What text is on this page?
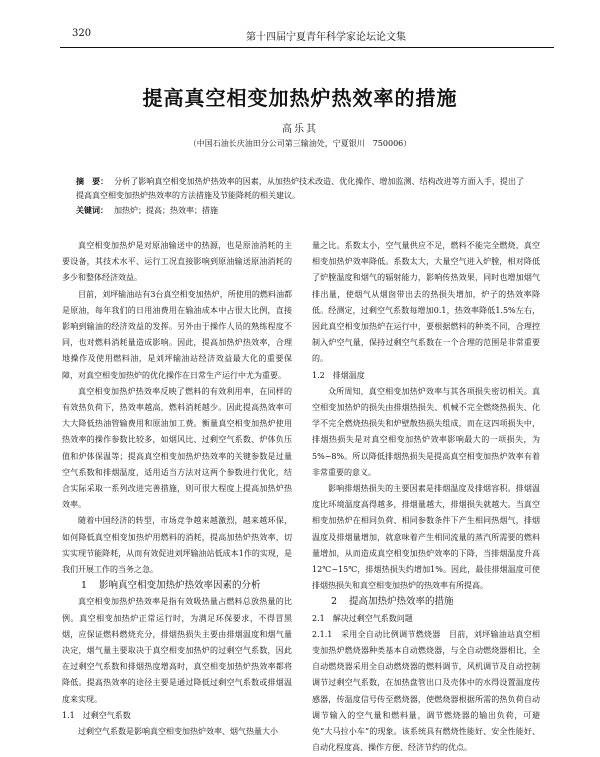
320	第十四届宁夏青年科学家论坛论文集
提高真空相变加热炉热效率的措施
高乐其
（中国石油长庆油田分公司第三输油处，宁夏银川　750006）
摘　要： 分析了影响真空相变加热炉热效率的因素，从加热炉技术改造、优化操作、增加监测、结构改进等方面入手，提出了提高真空相变加热炉热效率的方法措施及节能降耗的相关建议。
关键词： 加热炉；提高；热效率；措施

真空相变加热炉是对原油输送中的热源，也是原油消耗的主要设备，其技术水平、运行工况直接影响到原油输送原油消耗的多少和整体经济效益。

目前，刘坪输油站有3台真空相变加热炉，所使用的燃料油都是原油，每年我们的日用油费用在输油成本中占很大比例，直接影响到输油的经济效益的发挥。另外由于操作人员的熟练程度不同，也对燃料消耗量造成影响。因此，提高加热炉热效率，合理地操作及使用燃料油，是刘坪输油站经济效益最大化的重要保障，对真空相变加热炉的优化操作在日常生产运行中尤为重要。

真空相变加热炉热效率反映了燃料的有效利用率，在同样的有效热负荷下，热效率越高，燃料消耗越少。因此提高热效率可大大降低热油管输费用和原油加工费。衡量真空相变加热炉使用热效率的操作参数比较多，如烟风比、过剩空气系数、炉体负压值和炉体保温等；提高真空相变加热炉热效率的关键参数是过量空气系数和排烟温度，适用适当方法对这两个参数进行优化，结合实际采取一系列改进完善措施，则可很大程度上提高加热炉热效率。

随着中国经济的转型，市场竞争越来越激烈，越来越环保，如何降低真空相变加热炉用燃料的消耗，提高加热炉热效率，切实实现节能降耗，从而有效促进刘坪输油站低成本1作的实现，是我们开展工作的当务之急。

1 影响真空相变加热炉热效率因素的分析

真空相变加热炉热效率是指有效吸热量占燃料总放热量的比例。真空相变加热炉正常运行时，为满足环保要求，不得冒黑烟，应保证燃料燃烧充分，排烟热损失主要由排烟温度和烟气量决定，烟气量主要取决于真空相变加热炉的过剩空气系数，因此在过剩空气系数和排烟热度增高时，真空相变加热炉热效率都将降低。提高热效率的途径主要是通过降低过剩空气系数或排烟温度来实现。

1.1　过剩空气系数

过剩空气系数是影响真空相变加热炉效率、烟气热量大小

量之比。系数太小，空气量供应不足，燃料不能完全燃烧，真空相变加热炉效率降低。系数太大，大量空气进入炉膛，相对降低了炉膛温度和烟气的辐射能力，影响传热效果，同时也增加烟气排出量，使烟气从烟囱带出去的热损失增加，炉子的热效率降低。经测定，过剩空气系数每增加0.1，热效率降低1.5%左右，因此真空相变加热炉在运行中，要根据燃料的种类不同，合理控制入炉空气量，保持过剩空气系数在一个合理的范围是非常重要的。

1.2　排烟温度

众所周知，真空相变加热炉效率与其各项损失密切相关。真空相变加热炉的损失由排烟热损失、机械不完全燃烧热损失、化学不完全燃烧热损失和炉壁散热损失组成，而在这四项损失中，排烟热损失是对真空相变加热炉效率影响最大的一项损失，为5%~8%。所以降低排烟热损失是提高真空相变加热炉效率有着非常重要的意义。

影响排烟热损失的主要因素是排烟温度及排烟容积。排烟温度比环境温度高得越多，排烟量越大，排烟损失就越大。当真空相变加热炉在相同负荷、相同参数条件下产生相同热烟气，排烟温度及排烟量增加，就意味着产生相同流量的蒸汽所需要的燃料量增加，从而造成真空相变加热炉效率的下降，当排烟温度升高12℃~15℃，排烟热损失约增加1%。因此，最佳排烟温度可使排烟热损失和真空相变加热炉的热效率有所提高。

2 提高加热炉热效率的措施

2.1　解决过剩空气系数问题

2.1.1　采用全自动比例调节燃烧器　目前，刘坪输油站真空相变加热炉燃烧器种类基本自动燃烧器，与全自动燃烧器相比，全自动燃烧器采用全自动燃烧器的燃料调节，风机调节及自动控制调节过剩空气系数，在加热盘管出口及壳体中的水得设置温度传感器，传温度信号传至燃烧器，使燃烧器根据所需的热负荷自动调节输入的空气量和燃料量，调节燃烧器的输出负荷，可避免“大马拉小车”的现象。该系统具有燃烧性能好、安全性能好、自动化程度高、操作方便、经济节约的优点。
